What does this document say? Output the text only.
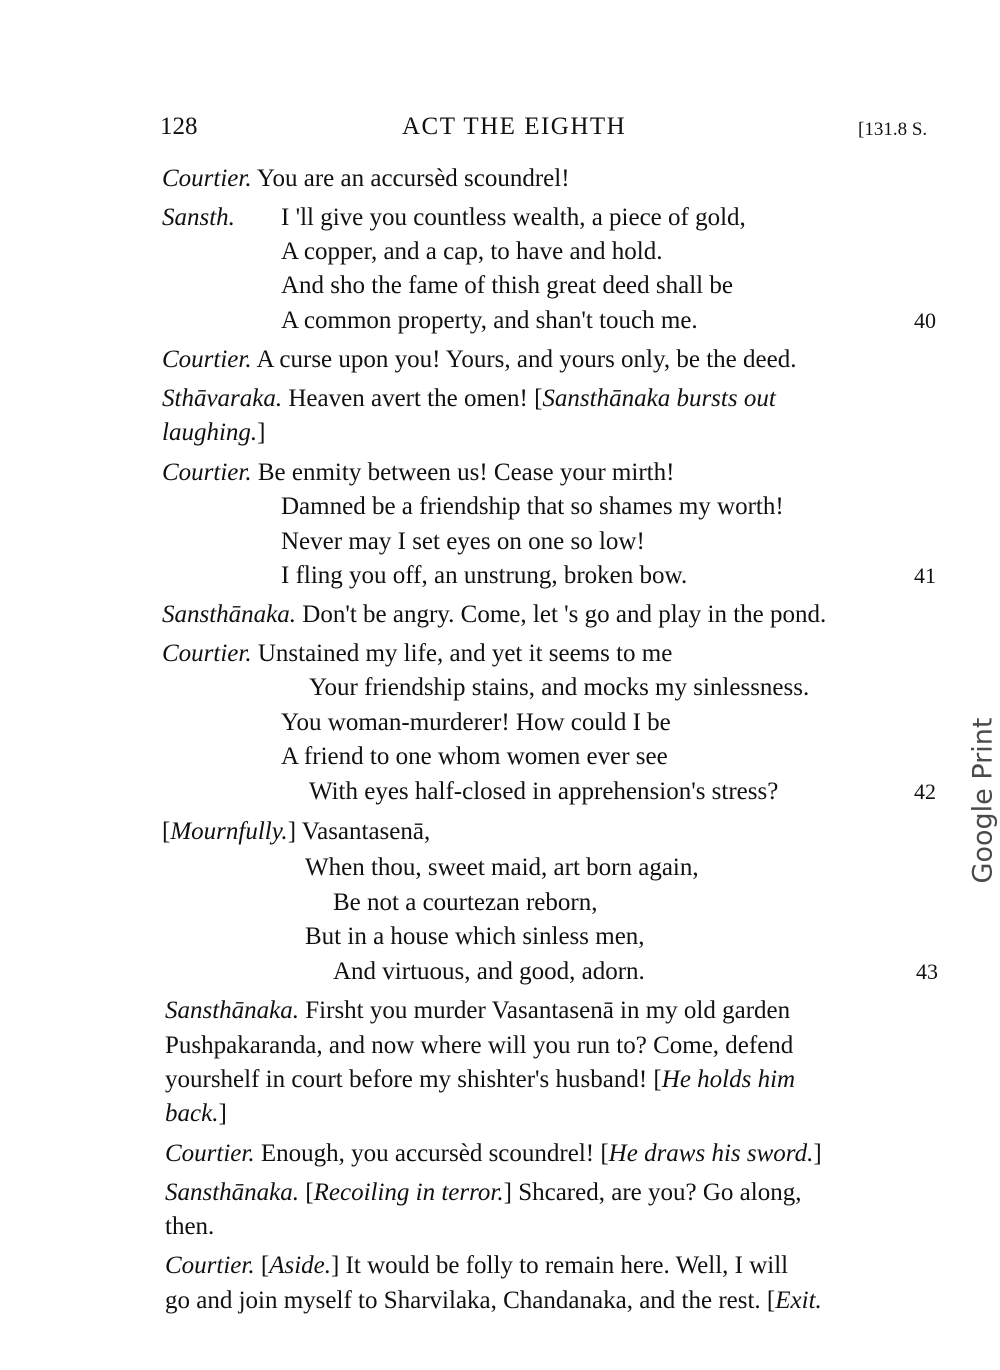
128	ACT THE EIGHTH	[131.8 S.
Courtier. You are an accursèd scoundrel!
Sansth. I 'll give you countless wealth, a piece of gold,
A copper, and a cap, to have and hold.
And sho the fame of thish great deed shall be
A common property, and shan't touch me.	40
Courtier. A curse upon you! Yours, and yours only, be the deed.
Sthāvaraka. Heaven avert the omen! [Sansthānaka bursts out
laughing.]
Courtier. Be enmity between us! Cease your mirth!
Damned be a friendship that so shames my worth!
Never may I set eyes on one so low!
I fling you off, an unstrung, broken bow.	41
Sansthānaka. Don't be angry. Come, let 's go and play in the pond.
Courtier. Unstained my life, and yet it seems to me
Your friendship stains, and mocks my sinlessness.
You woman-murderer! How could I be
A friend to one whom women ever see
With eyes half-closed in apprehension's stress?	42
[Mournfully.] Vasantasenā,
When thou, sweet maid, art born again,
Be not a courtezan reborn,
But in a house which sinless men,
And virtuous, and good, adorn.	43
Sansthānaka. Firsht you murder Vasantasenā in my old garden
Pushpakaranda, and now where will you run to? Come, defend
yourshelf in court before my shishter's husband! [He holds him
back.]
Courtier. Enough, you accursèd scoundrel! [He draws his sword.]
Sansthānaka. [Recoiling in terror.] Shcared, are you? Go along,
then.
Courtier. [Aside.] It would be folly to remain here. Well, I will
go and join myself to Sharvilaka, Chandanaka, and the rest. [Exit.
Google Print
